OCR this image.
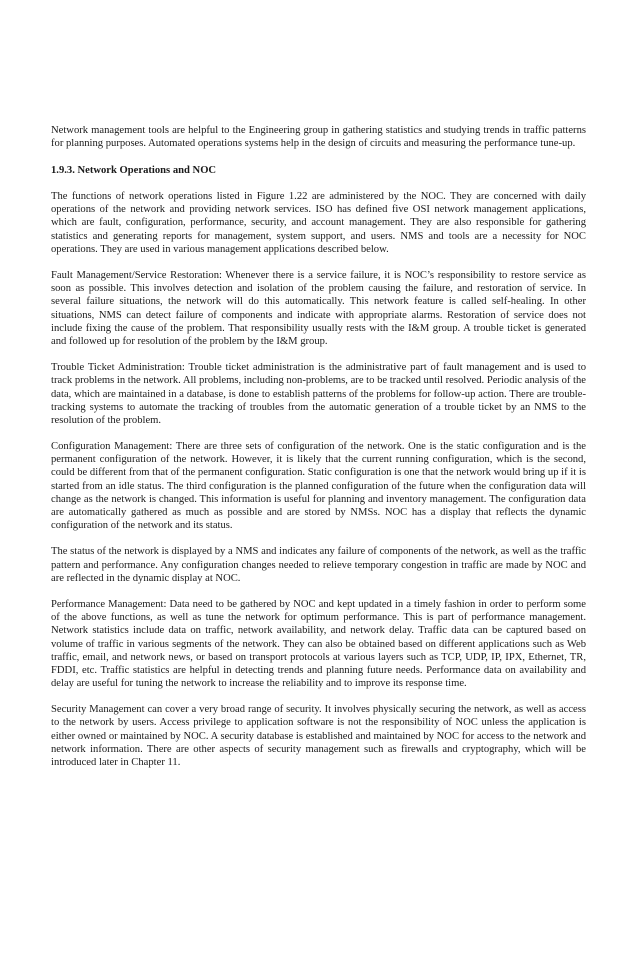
Network management tools are helpful to the Engineering group in gathering statistics and studying trends in traffic patterns for planning purposes. Automated operations systems help in the design of circuits and measuring the performance tune-up.

1.9.3. Network Operations and NOC

The functions of network operations listed in Figure 1.22 are administered by the NOC. They are concerned with daily operations of the network and providing network services. ISO has defined five OSI network management applications, which are fault, configuration, performance, security, and account management. They are also responsible for gathering statistics and generating reports for management, system support, and users. NMS and tools are a necessity for NOC operations. They are used in various management applications described below.

Fault Management/Service Restoration: Whenever there is a service failure, it is NOC’s responsibility to restore service as soon as possible. This involves detection and isolation of the problem causing the failure, and restoration of service. In several failure situations, the network will do this automatically. This network feature is called self-healing. In other situations, NMS can detect failure of components and indicate with appropriate alarms. Restoration of service does not include fixing the cause of the problem. That responsibility usually rests with the I&M group. A trouble ticket is generated and followed up for resolution of the problem by the I&M group.

Trouble Ticket Administration: Trouble ticket administration is the administrative part of fault management and is used to track problems in the network. All problems, including non-problems, are to be tracked until resolved. Periodic analysis of the data, which are maintained in a database, is done to establish patterns of the problems for follow-up action. There are trouble-tracking systems to automate the tracking of troubles from the automatic generation of a trouble ticket by an NMS to the resolution of the problem.

Configuration Management: There are three sets of configuration of the network. One is the static configuration and is the permanent configuration of the network. However, it is likely that the current running configuration, which is the second, could be different from that of the permanent configuration. Static configuration is one that the network would bring up if it is started from an idle status. The third configuration is the planned configuration of the future when the configuration data will change as the network is changed. This information is useful for planning and inventory management. The configuration data are automatically gathered as much as possible and are stored by NMSs. NOC has a display that reflects the dynamic configuration of the network and its status.

The status of the network is displayed by a NMS and indicates any failure of components of the network, as well as the traffic pattern and performance. Any configuration changes needed to relieve temporary congestion in traffic are made by NOC and are reflected in the dynamic display at NOC.

Performance Management: Data need to be gathered by NOC and kept updated in a timely fashion in order to perform some of the above functions, as well as tune the network for optimum performance. This is part of performance management. Network statistics include data on traffic, network availability, and network delay. Traffic data can be captured based on volume of traffic in various segments of the network. They can also be obtained based on different applications such as Web traffic, email, and network news, or based on transport protocols at various layers such as TCP, UDP, IP, IPX, Ethernet, TR, FDDI, etc. Traffic statistics are helpful in detecting trends and planning future needs. Performance data on availability and delay are useful for tuning the network to increase the reliability and to improve its response time.

Security Management can cover a very broad range of security. It involves physically securing the network, as well as access to the network by users. Access privilege to application software is not the responsibility of NOC unless the application is either owned or maintained by NOC. A security database is established and maintained by NOC for access to the network and network information. There are other aspects of security management such as firewalls and cryptography, which will be introduced later in Chapter 11.
